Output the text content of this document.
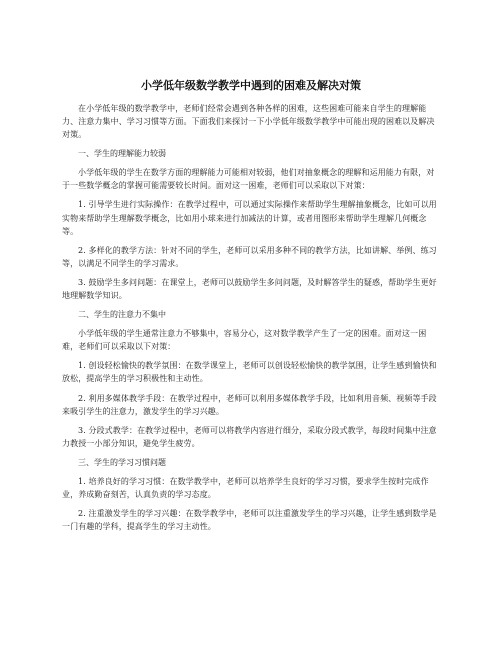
小学低年级数学教学中遇到的困难及解决对策

在小学低年级的数学教学中，老师们经常会遇到各种各样的困难，这些困难可能来自学生的理解能力、注意力集中、学习习惯等方面。下面我们来探讨一下小学低年级数学教学中可能出现的困难以及解决对策。

一、学生的理解能力较弱

小学低年级的学生在数学方面的理解能力可能相对较弱，他们对抽象概念的理解和运用能力有限，对于一些数学概念的掌握可能需要较长时间。面对这一困难，老师们可以采取以下对策：

1. 引导学生进行实际操作：在教学过程中，可以通过实际操作来帮助学生理解抽象概念，比如可以用实物来帮助学生理解数学概念，比如用小球来进行加减法的计算，或者用图形来帮助学生理解几何概念等。

2. 多样化的教学方法：针对不同的学生，老师可以采用多种不同的教学方法，比如讲解、举例、练习等，以满足不同学生的学习需求。

3. 鼓励学生多问问题：在课堂上，老师可以鼓励学生多问问题，及时解答学生的疑惑，帮助学生更好地理解数学知识。

二、学生的注意力不集中

小学低年级的学生通常注意力不够集中，容易分心，这对数学教学产生了一定的困难。面对这一困难，老师们可以采取以下对策：

1. 创设轻松愉快的教学氛围：在数学课堂上，老师可以创设轻松愉快的教学氛围，让学生感到愉快和放松，提高学生的学习积极性和主动性。

2. 利用多媒体教学手段：在教学过程中，老师可以利用多媒体教学手段，比如利用音频、视频等手段来吸引学生的注意力，激发学生的学习兴趣。

3. 分段式教学：在教学过程中，老师可以将教学内容进行细分，采取分段式教学，每段时间集中注意力教授一小部分知识，避免学生疲劳。

三、学生的学习习惯问题

1. 培养良好的学习习惯：在数学教学中，老师可以培养学生良好的学习习惯，要求学生按时完成作业，养成勤奋刻苦，认真负责的学习态度。

2. 注重激发学生的学习兴趣：在数学教学中，老师可以注重激发学生的学习兴趣，让学生感到数学是一门有趣的学科，提高学生的学习主动性。
